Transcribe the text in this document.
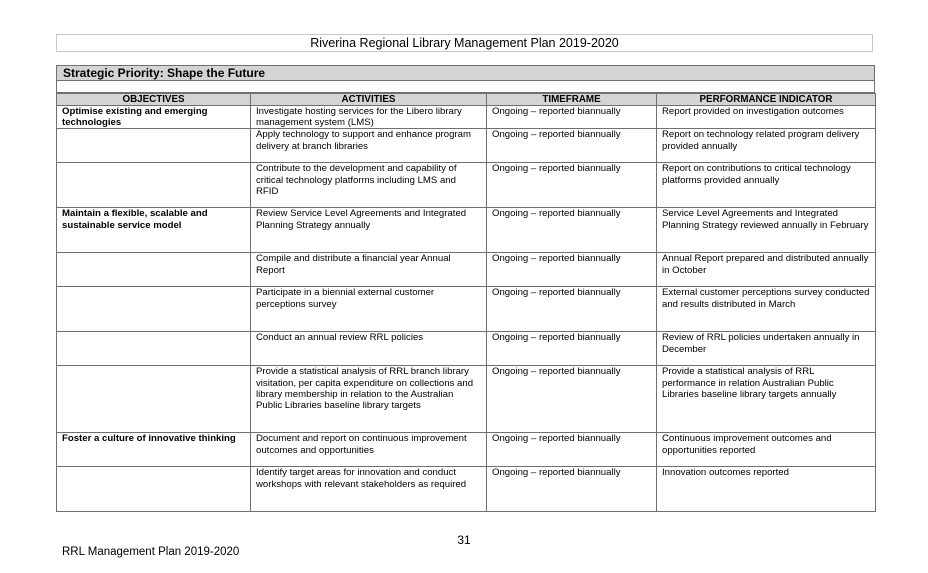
Riverina Regional Library Management Plan 2019-2020
Strategic Priority: Shape the Future
OBJECTIVES	ACTIVITIES	TIMEFRAME	PERFORMANCE INDICATOR
Optimise existing and emerging technologies	Investigate hosting services for the Libero library management system (LMS)	Ongoing – reported biannually	Report provided on investigation outcomes
	Apply technology to support and enhance program delivery at branch libraries	Ongoing – reported biannually	Report on technology related program delivery provided annually
	Contribute to the development and capability of critical technology platforms including LMS and RFID	Ongoing – reported biannually	Report on contributions to critical technology platforms provided annually
Maintain a flexible, scalable and sustainable service model	Review Service Level Agreements and Integrated Planning Strategy annually	Ongoing – reported biannually	Service Level Agreements and Integrated Planning Strategy reviewed annually in February
	Compile and distribute a financial year Annual Report	Ongoing – reported biannually	Annual Report prepared and distributed annually in October
	Participate in a biennial external customer perceptions survey	Ongoing – reported biannually	External customer perceptions survey conducted and results distributed in March
	Conduct an annual review RRL policies	Ongoing – reported biannually	Review of RRL policies undertaken annually in December
	Provide a statistical analysis of RRL branch library visitation, per capita expenditure on collections and library membership in relation to the Australian Public Libraries baseline library targets	Ongoing – reported biannually	Provide a statistical analysis of RRL performance in relation Australian Public Libraries baseline library targets annually
Foster a culture of innovative thinking	Document and report on continuous improvement outcomes and opportunities	Ongoing – reported biannually	Continuous improvement outcomes and opportunities reported
	Identify target areas for innovation and conduct workshops with relevant stakeholders as required	Ongoing – reported biannually	Innovation outcomes reported
31
RRL Management Plan 2019-2020
